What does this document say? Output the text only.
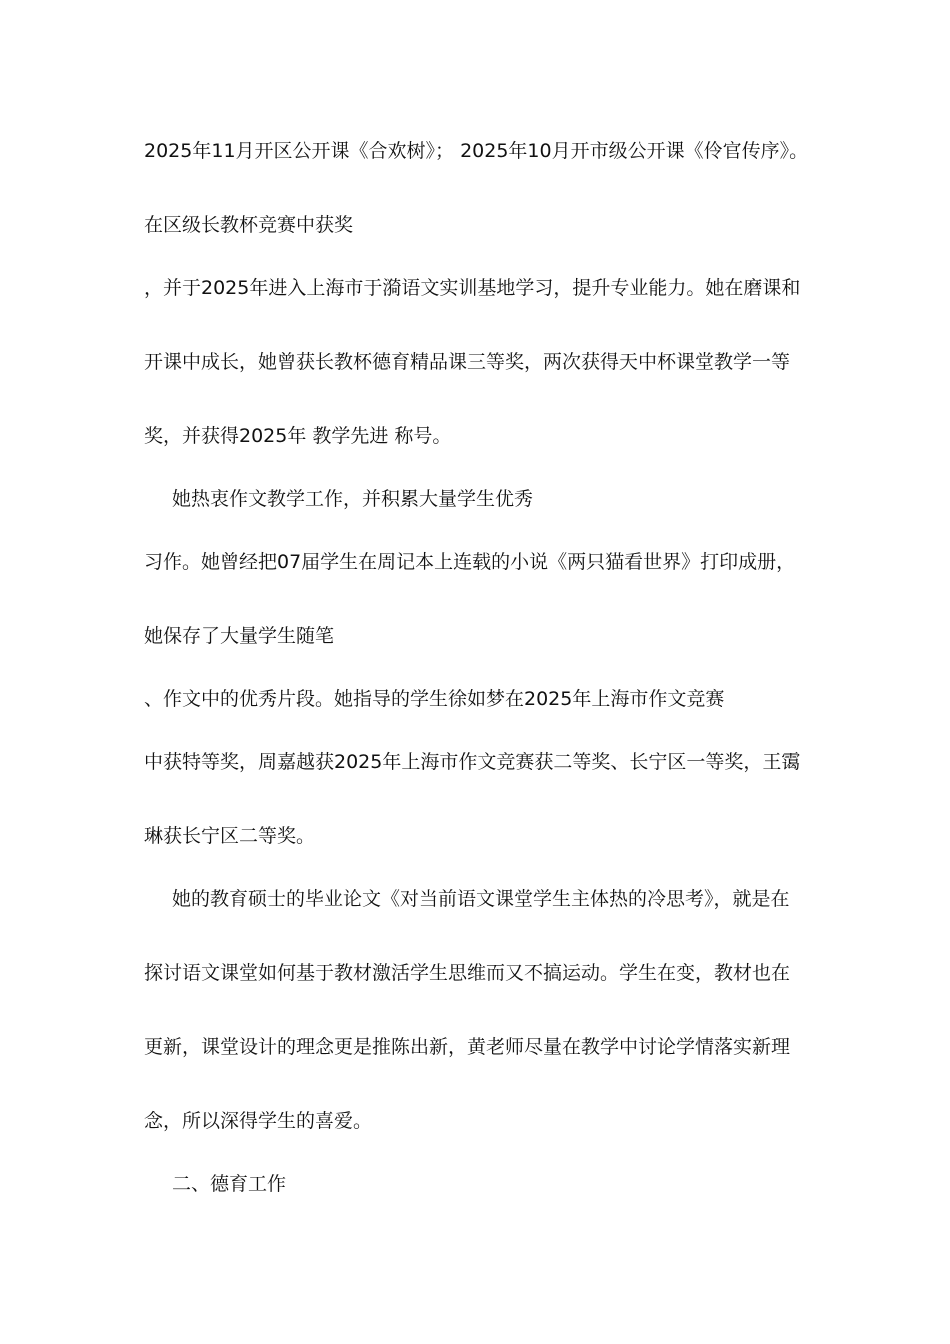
2025年11月开区公开课《合欢树》； 2025年10月开市级公开课《伶官传序》。
在区级长教杯竞赛中获奖
，并于2025年进入上海市于漪语文实训基地学习，提升专业能力。她在磨课和
开课中成长，她曾获长教杯德育精品课三等奖，两次获得天中杯课堂教学一等
奖，并获得2025年 教学先进 称号。
她热衷作文教学工作，并积累大量学生优秀
习作。她曾经把07届学生在周记本上连载的小说《两只猫看世界》打印成册，
她保存了大量学生随笔
、作文中的优秀片段。她指导的学生徐如梦在2025年上海市作文竞赛
中获特等奖，周嘉越获2025年上海市作文竞赛获二等奖、长宁区一等奖，王霭
琳获长宁区二等奖。
她的教育硕士的毕业论文《对当前语文课堂学生主体热的冷思考》，就是在
探讨语文课堂如何基于教材激活学生思维而又不搞运动。学生在变，教材也在
更新，课堂设计的理念更是推陈出新，黄老师尽量在教学中讨论学情落实新理
念，所以深得学生的喜爱。
二、德育工作
